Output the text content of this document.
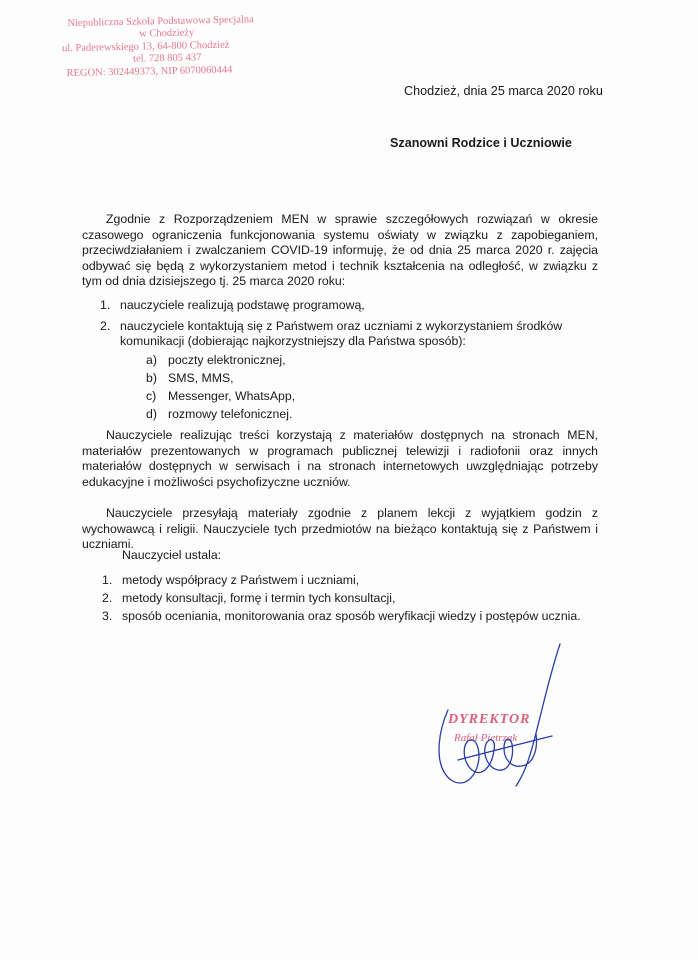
Niepubliczna Szkoła Podstawowa Specjalna
w Chodzieży
ul. Paderewskiego 13, 64-800 Chodzież
tel. 728 805 437
REGON: 302449373, NIP 6070060444
Chodzież, dnia 25 marca 2020 roku
Szanowni Rodzice i Uczniowie
Zgodnie z Rozporządzeniem MEN w sprawie szczegółowych rozwiązań w okresie czasowego ograniczenia funkcjonowania systemu oświaty w związku z zapobieganiem, przeciwdziałaniem i zwalczaniem COVID-19 informuję, że od dnia 25 marca 2020 r. zajęcia odbywać się będą z wykorzystaniem metod i technik kształcenia na odległość, w związku z tym od dnia dzisiejszego tj. 25 marca 2020 roku:
1. nauczyciele realizują podstawę programową,
2. nauczyciele kontaktują się z Państwem oraz uczniami z wykorzystaniem środków komunikacji (dobierając najkorzystniejszy dla Państwa sposób):
a) poczty elektronicznej,
b) SMS, MMS,
c) Messenger, WhatsApp,
d) rozmowy telefonicznej.
Nauczyciele realizując treści korzystają z materiałów dostępnych na stronach MEN, materiałów prezentowanych w programach publicznej telewizji i radiofonii oraz innych materiałów dostępnych w serwisach i na stronach internetowych uwzględniając potrzeby edukacyjne i możliwości psychofizyczne uczniów.
Nauczyciele przesyłają materiały zgodnie z planem lekcji z wyjątkiem godzin z wychowawcą i religii. Nauczyciele tych przedmiotów na bieżąco kontaktują się z Państwem i uczniami.
Nauczyciel ustala:
1. metody współpracy z Państwem i uczniami,
2. metody konsultacji, formę i termin tych konsultacji,
3. sposób oceniania, monitorowania oraz sposób weryfikacji wiedzy i postępów ucznia.
DYREKTOR
Rafał Pietrzak
